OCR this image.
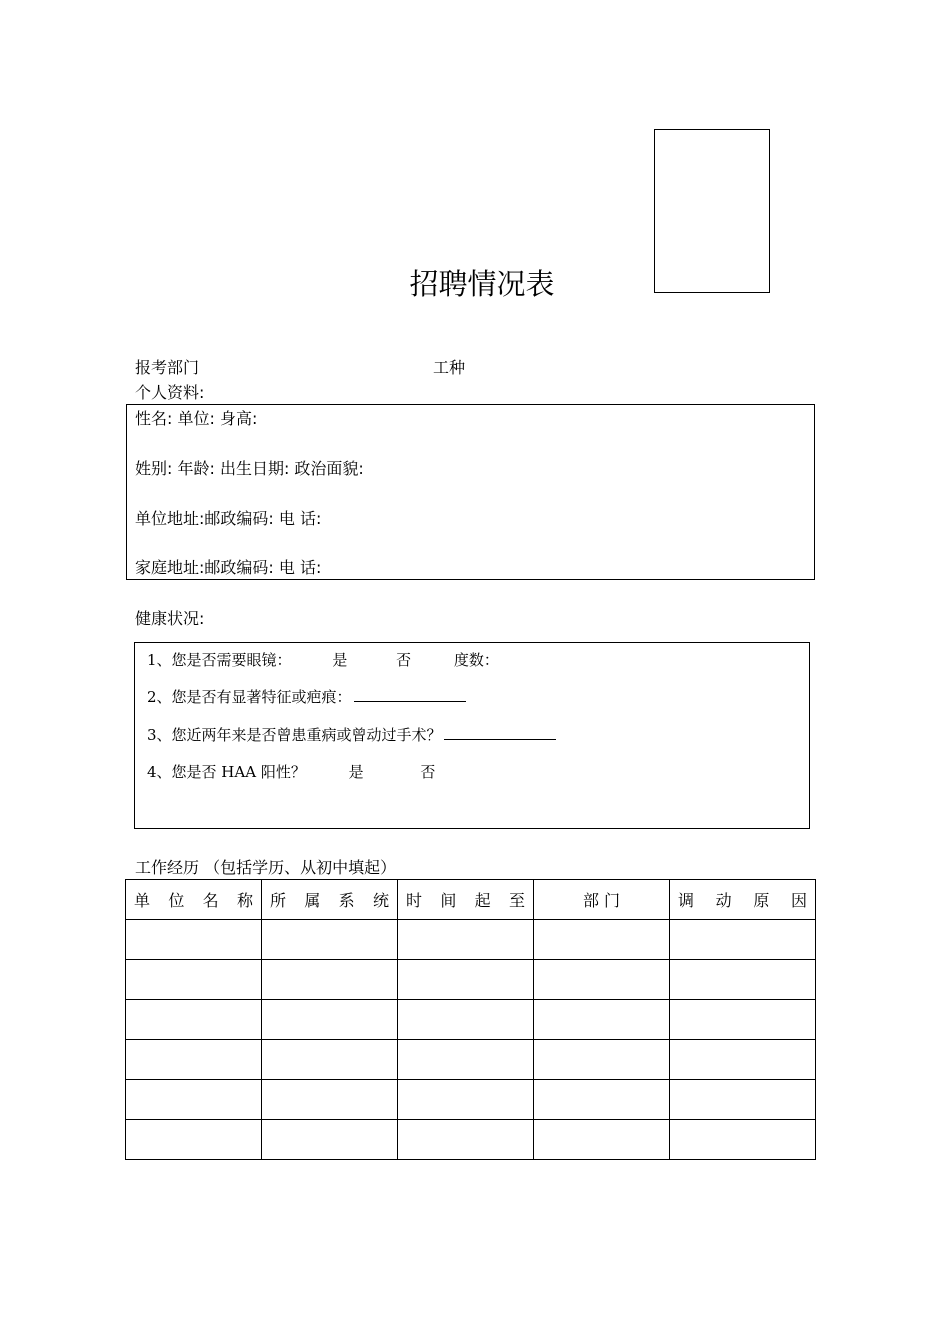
招聘情况表
报考部门	工种
个人资料:
性名: 单位: 身高:
姓别: 年龄: 出生日期: 政治面貌:
单位地址:邮政编码: 电 话:
家庭地址:邮政编码: 电 话:
健康状况:
1、您是否需要眼镜：	是	否	度数：
2、您是否有显著特征或疤痕：
3、您近两年来是否曾患重病或曾动过手术？
4、您是否 HAA 阳性？	是	否
工作经历 （包括学历、从初中填起）
单 位 名 称	所 属 系 统	时 间 起 至	部 门	调 动 原 因
